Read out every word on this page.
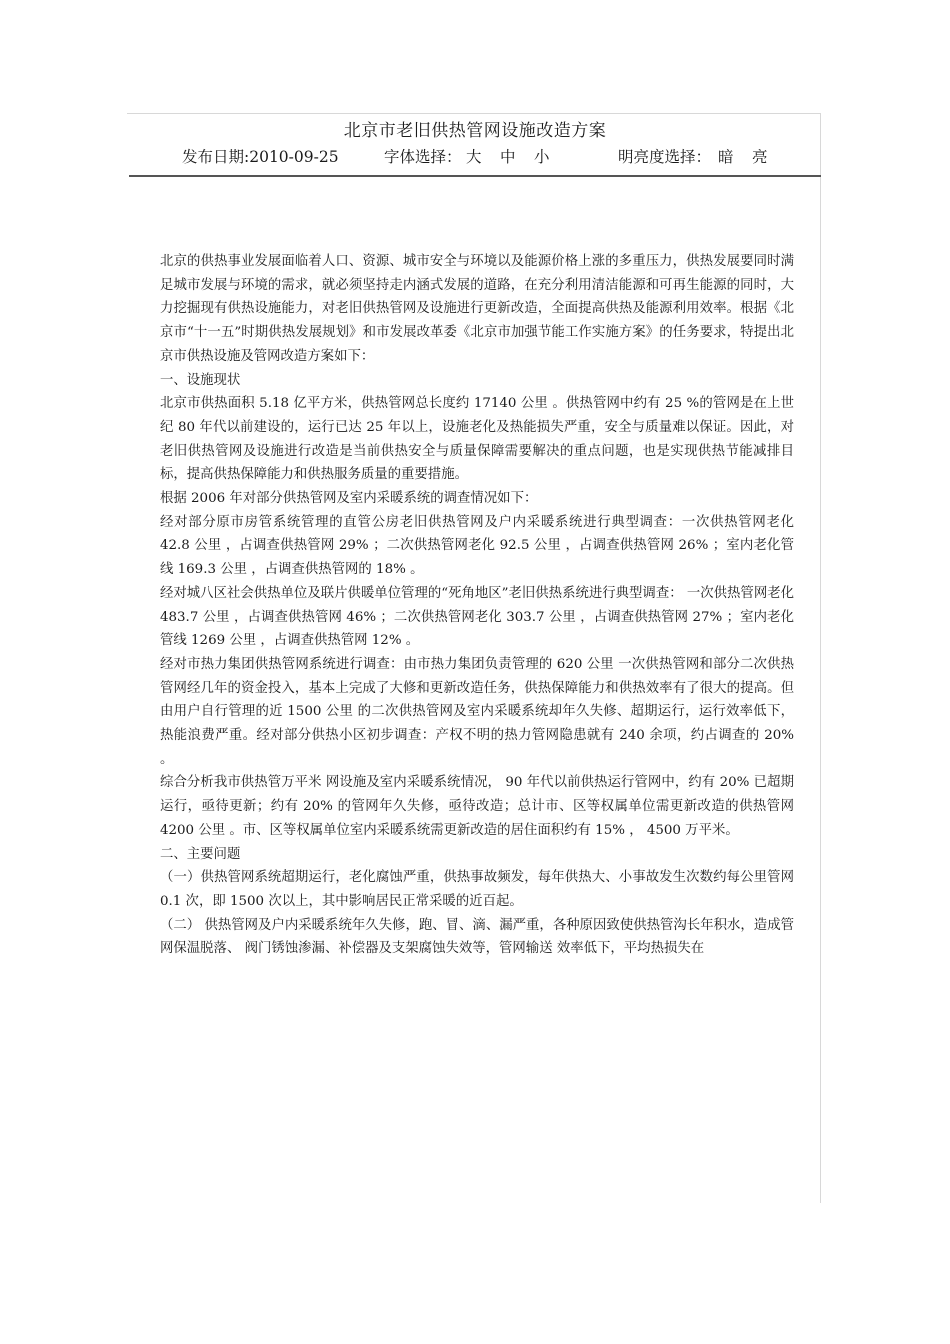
北京市老旧供热管网设施改造方案
发布日期:2010-09-25	字体选择： 大 中 小	明亮度选择： 暗 亮

北京的供热事业发展面临着人口、资源、城市安全与环境以及能源价格上涨的多重压力，供热发展要同时满足城市发展与环境的需求，就必须坚持走内涵式发展的道路，在充分利用清洁能源和可再生能源的同时，大力挖掘现有供热设施能力，对老旧供热管网及设施进行更新改造，全面提高供热及能源利用效率。根据《北京市“十一五”时期供热发展规划》和市发展改革委《北京市加强节能工作实施方案》的任务要求，特提出北京市供热设施及管网改造方案如下：

一、设施现状

北京市供热面积 5.18 亿平方米，供热管网总长度约 17140 公里 。供热管网中约有 25 %的管网是在上世纪 80 年代以前建设的，运行已达 25 年以上，设施老化及热能损失严重，安全与质量难以保证。因此，对老旧供热管网及设施进行改造是当前供热安全与质量保障需要解决的重点问题，也是实现供热节能减排目标，提高供热保障能力和供热服务质量的重要措施。

根据 2006 年对部分供热管网及室内采暖系统的调查情况如下：

经对部分原市房管系统管理的直管公房老旧供热管网及户内采暖系统进行典型调查：一次供热管网老化 42.8 公里 ，占调查供热管网 29% ；二次供热管网老化 92.5 公里 ，占调查供热管网 26% ；室内老化管线 169.3 公里 ，占调查供热管网的 18% 。

经对城八区社会供热单位及联片供暖单位管理的“死角地区”老旧供热系统进行典型调查： 一次供热管网老化 483.7 公里 ，占调查供热管网 46% ；二次供热管网老化 303.7 公里 ，占调查供热管网 27% ；室内老化管线 1269 公里 ，占调查供热管网 12% 。

经对市热力集团供热管网系统进行调查：由市热力集团负责管理的 620 公里 一次供热管网和部分二次供热管网经几年的资金投入，基本上完成了大修和更新改造任务，供热保障能力和供热效率有了很大的提高。但由用户自行管理的近 1500 公里 的二次供热管网及室内采暖系统却年久失修、超期运行，运行效率低下，热能浪费严重。经对部分供热小区初步调查：产权不明的热力管网隐患就有 240 余项，约占调查的 20% 。

综合分析我市供热管万平米 网设施及室内采暖系统情况， 90 年代以前供热运行管网中，约有 20% 已超期运行，亟待更新；约有 20% 的管网年久失修，亟待改造；总计市、区等权属单位需更新改造的供热管网 4200 公里 。市、区等权属单位室内采暖系统需更新改造的居住面积约有 15% ， 4500 万平米。

二、主要问题

（一）供热管网系统超期运行，老化腐蚀严重，供热事故频发，每年供热大、小事故发生次数约每公里管网 0.1 次，即 1500 次以上，其中影响居民正常采暖的近百起。

（二） 供热管网及户内采暖系统年久失修，跑、冒、滴、漏严重，各种原因致使供热管沟长年积水，造成管网保温脱落、 阀门锈蚀渗漏、补偿器及支架腐蚀失效等，管网输送 效率低下，平均热损失在
